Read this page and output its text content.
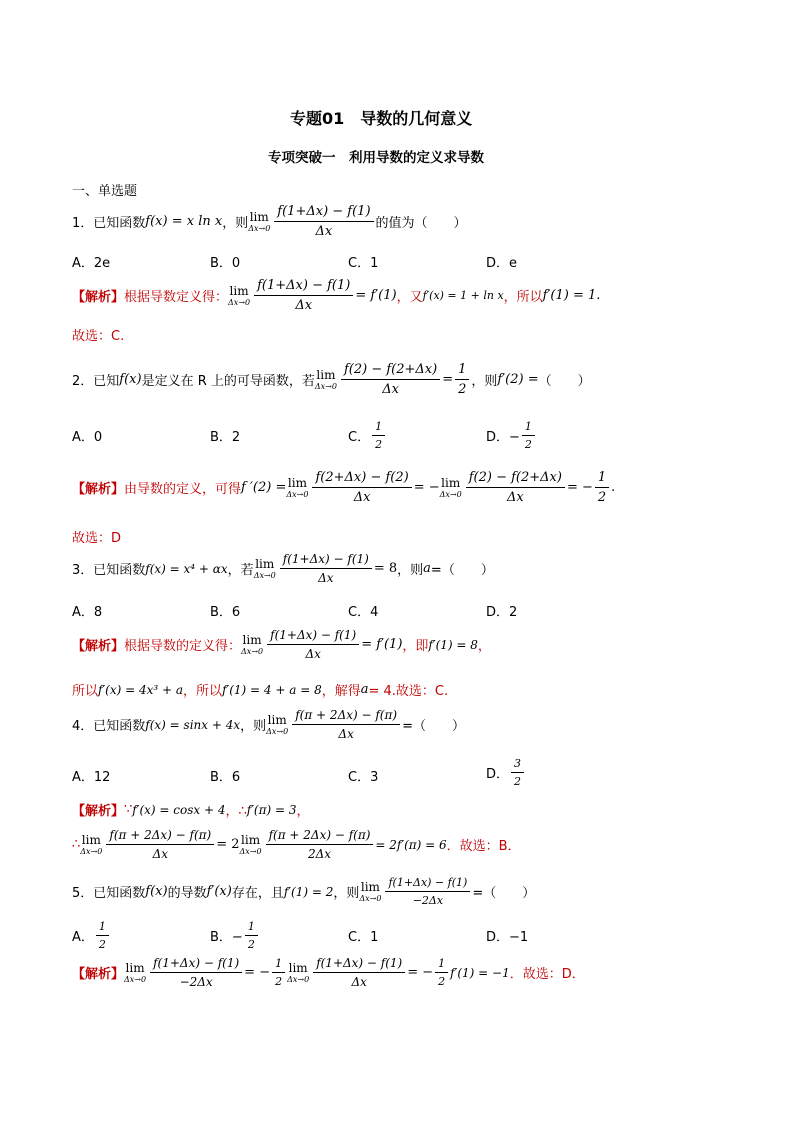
专题01　导数的几何意义
专项突破一　利用导数的定义求导数
一、单选题
1．已知函数 f(x) = x ln x ，则 lim
$\Delta x\to 0 \frac{f(1+\Delta x) - f(1)}{\Delta x}$ 的值为（　　）
A．2e	B．0	C．1	D．e
【解析】 根据导数定义得： lim
$\Delta x\to 0 \frac{f(1+\Delta x) - f(1)}{\Delta x} = f'(1)$ ，又 f′(x) = 1 + ln x ，所以 f′(1) = 1.
故选：C.
2．已知 f(x) 是定义在 R 上的可导函数，若 lim
$\Delta x\to 0 \frac{f(2) - f(2+\Delta x)}{\Delta x} = \frac{1}{2}$ ，则 f′(2) = （　　）
A．0	B．2	C． $\frac{1}{2}$	D．− $\frac{1}{2}$
【解析】 由导数的定义，可得 f ′(2) = lim
$\Delta x\to 0 \frac{f(2+\Delta x) - f(2)}{\Delta x}$ = − lim
$\Delta x\to 0 \frac{f(2) - f(2+\Delta x)}{\Delta x}$ = − $\frac{1}{2}$ .
故选：D
3．已知函数 f(x) = x⁴ + αx ，若 lim
$\Delta x\to 0 \frac{f(1+\Delta x) - f(1)}{\Delta x} = 8$ ，则 a =（　　）
A．8	B．6	C．4	D．2
【解析】 根据导数的定义得： lim
$\Delta x\to 0 \frac{f(1+\Delta x) - f(1)}{\Delta x} = f'(1)$ ，即 f′(1) = 8 ，
所以 f′(x) = 4x³ + a ，所以 f′(1) = 4 + a = 8 ，解得 a = 4.故选：C.
4．已知函数 f(x) = sinx + 4x ，则 lim
$\Delta x\to 0 \frac{f(\pi + 2\Delta x) - f(\pi)}{\Delta x}$ =（　　）
A．12	B．6	C．3	D． $\frac{3}{2}$
【解析】 ∵ f′(x) = cosx + 4 ，∴ f′(π) = 3 ，
∴ lim
$\Delta x\to 0 \frac{f(\pi + 2\Delta x) - f(\pi)}{\Delta x} = 2$ lim
$\Delta x\to 0 \frac{f(\pi + 2\Delta x) - f(\pi)}{2\Delta x} = 2f'(\pi) = 6$ ．故选：B．
5．已知函数 f(x) 的导数 f′(x) 存在，且 f′(1) = 2 ，则 lim
$\Delta x\to 0 \frac{f(1+\Delta x) - f(1)}{-2\Delta x}$ =（　　）
A． $\frac{1}{2}$	B．− $\frac{1}{2}$	C．1	D．−1
【解析】 lim
$\Delta x\to 0 \frac{f(1+\Delta x) - f(1)}{-2\Delta x}$ = − $\frac{1}{2}$ lim
$\Delta x\to 0 \frac{f(1+\Delta x) - f(1)}{\Delta x}$ = − $\frac{1}{2} f'(1) = -1$ ．故选：D．
